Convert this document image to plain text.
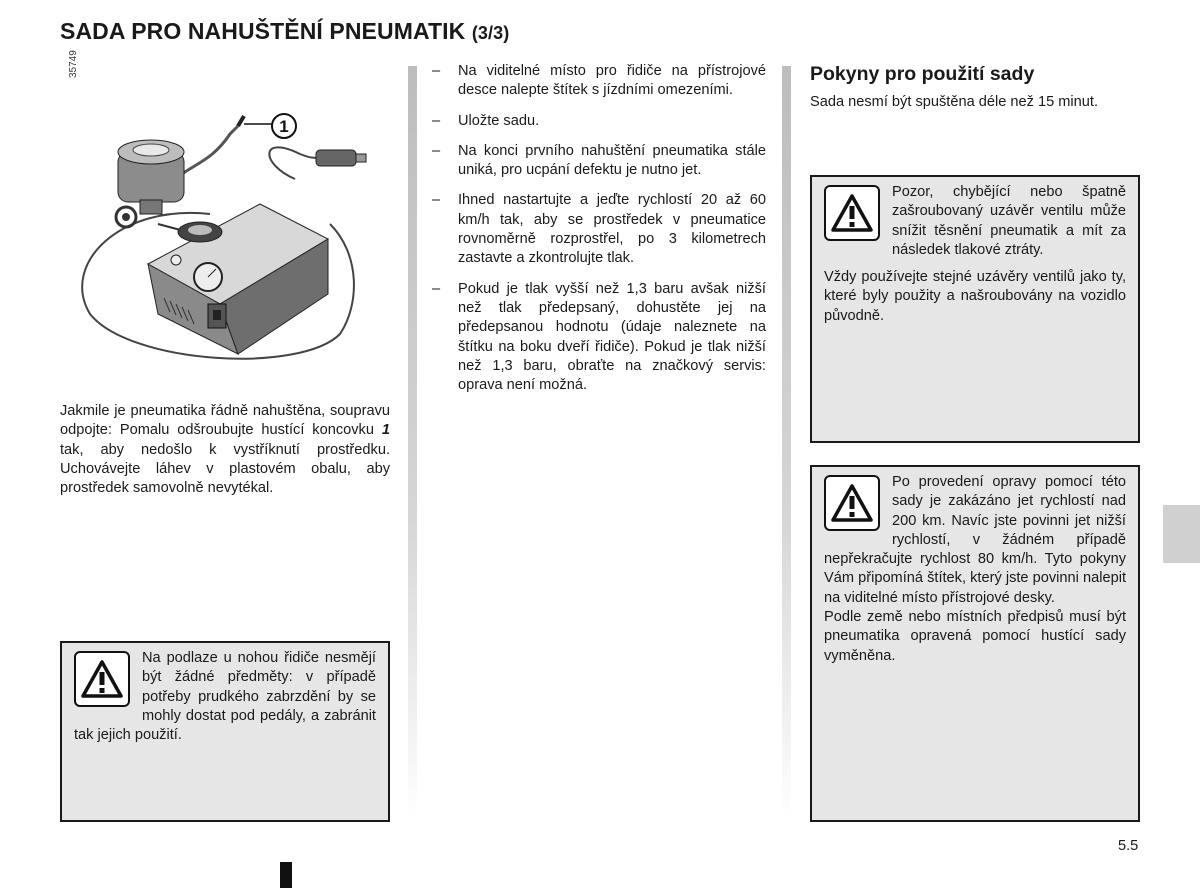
SADA PRO NAHUŠTĚNÍ PNEUMATIK (3/3)
1
35749
Jakmile je pneumatika řádně nahuštěna, soupravu odpojte: Pomalu odšroubujte hustící koncovku 1 tak, aby nedošlo k vystříknutí prostředku. Uchovávejte láhev v plastovém obalu, aby prostředek samovolně nevytékal.

Na podlaze u nohou řidiče nesmějí být žádné předměty: v případě potřeby prudkého zabrzdění by se mohly dostat pod pedály, a zabránit tak jejich použití.

– Na viditelné místo pro řidiče na přístrojové desce nalepte štítek s jízdními omezeními.
– Uložte sadu.
– Na konci prvního nahuštění pneumatika stále uniká, pro ucpání defektu je nutno jet.
– Ihned nastartujte a jeďte rychlostí 20 až 60 km/h tak, aby se prostředek v pneumatice rovnoměrně rozprostřel, po 3 kilometrech zastavte a zkontrolujte tlak.
– Pokud je tlak vyšší než 1,3 baru avšak nižší než tlak předepsaný, dohustěte jej na předepsanou hodnotu (údaje naleznete na štítku na boku dveří řidiče). Pokud je tlak nižší než 1,3 baru, obraťte na značkový servis: oprava není možná.
Pokyny pro použití sady
Sada nesmí být spuštěna déle než 15 minut.

Pozor, chybějící nebo špatně zašroubovaný uzávěr ventilu může snížit těsnění pneumatik a mít za následek tlakové ztráty.

Vždy používejte stejné uzávěry ventilů jako ty, které byly použity a našroubovány na vozidlo původně.

Po provedení opravy pomocí této sady je zakázáno jet rychlostí nad 200 km. Navíc jste povinni jet nižší rychlostí, v žádném případě nepřekračujte rychlost 80 km/h. Tyto pokyny Vám připomíná štítek, který jste povinni nalepit na viditelné místo přístrojové desky.

Podle země nebo místních předpisů musí být pneumatika opravená pomocí hustící sady vyměněna.

5.5
